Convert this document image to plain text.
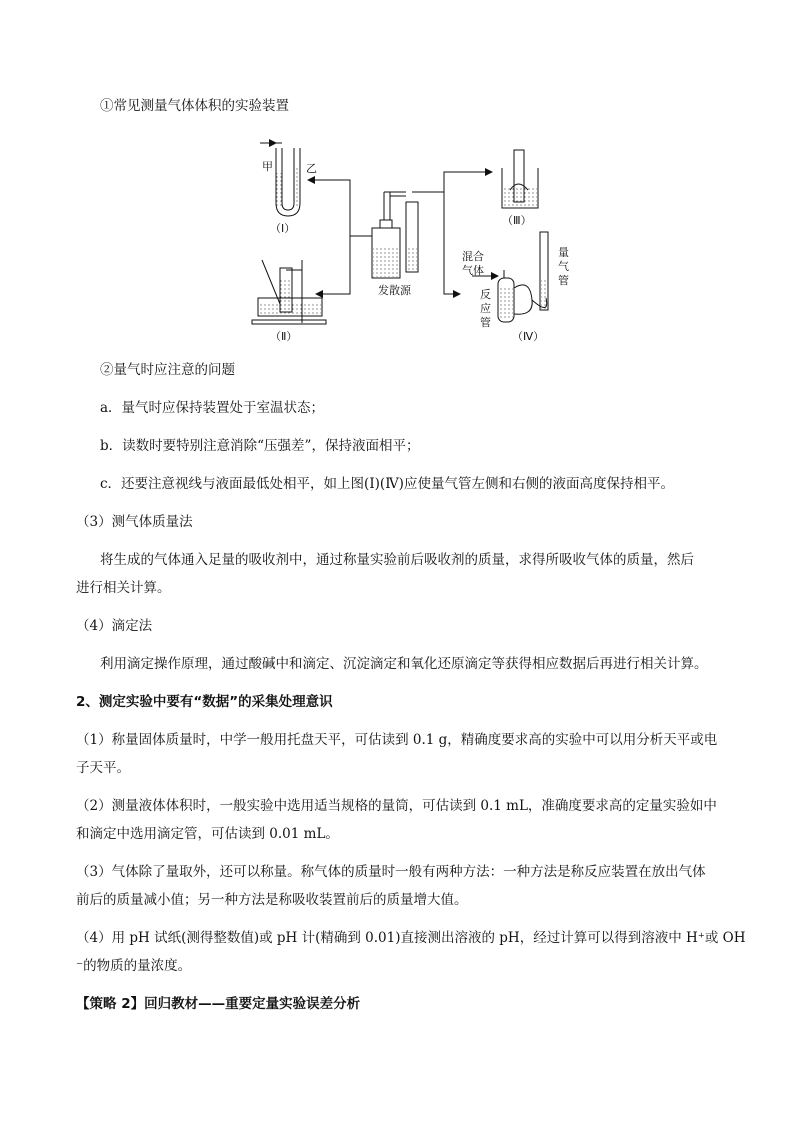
①常见测量气体体积的实验装置
甲	乙
（Ⅰ）
（Ⅱ）
发散源
（Ⅲ）
混合
气体
反
应
管
量
气
管
（Ⅳ）
②量气时应注意的问题
a．量气时应保持装置处于室温状态；
b．读数时要特别注意消除“压强差”，保持液面相平；
c．还要注意视线与液面最低处相平，如上图(Ⅰ)(Ⅳ)应使量气管左侧和右侧的液面高度保持相平。
（3）测气体质量法
将生成的气体通入足量的吸收剂中，通过称量实验前后吸收剂的质量，求得所吸收气体的质量，然后
进行相关计算。
（4）滴定法
利用滴定操作原理，通过酸碱中和滴定、沉淀滴定和氧化还原滴定等获得相应数据后再进行相关计算。
2、测定实验中要有“数据”的采集处理意识
（1）称量固体质量时，中学一般用托盘天平，可估读到 0.1 g，精确度要求高的实验中可以用分析天平或电
子天平。
（2）测量液体体积时，一般实验中选用适当规格的量筒，可估读到 0.1 mL，准确度要求高的定量实验如中
和滴定中选用滴定管，可估读到 0.01 mL。
（3）气体除了量取外，还可以称量。称气体的质量时一般有两种方法：一种方法是称反应装置在放出气体
前后的质量减小值；另一种方法是称吸收装置前后的质量增大值。
（4）用 pH 试纸(测得整数值)或 pH 计(精确到 0.01)直接测出溶液的 pH，经过计算可以得到溶液中 H⁺或 OH
⁻的物质的量浓度。
【策略 2】回归教材——重要定量实验误差分析
